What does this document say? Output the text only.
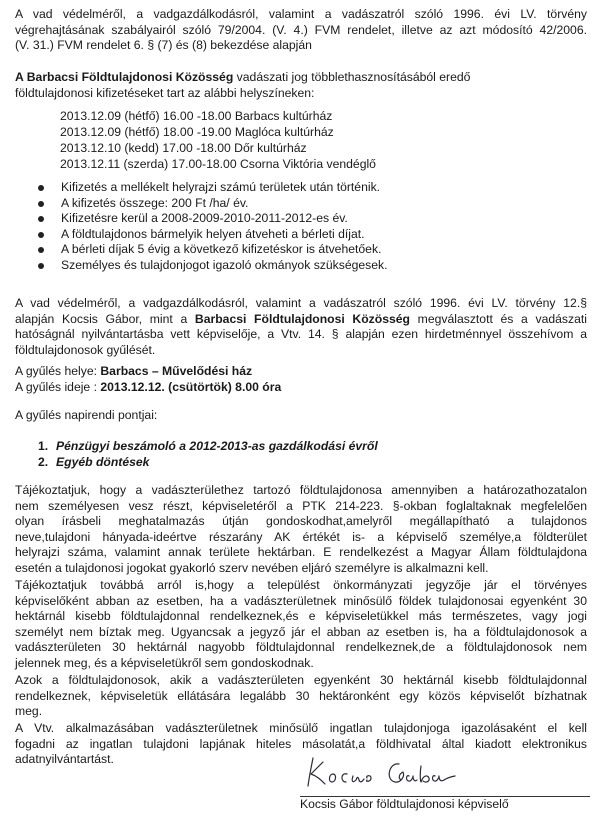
A vad védelméről, a vadgazdálkodásról, valamint a vadászatról szóló 1996. évi LV. törvény
végrehajtásának szabályairól szóló 79/2004. (V. 4.) FVM rendelet, illetve az azt módosító 42/2006.
(V. 31.) FVM rendelet 6. § (7) és (8) bekezdése alapján
A Barbacsi Földtulajdonosi Közösség vadászati jog többlethasznosításából eredő
földtulajdonosi kifizetéseket tart az alábbi helyszíneken:
2013.12.09 (hétfő) 16.00 -18.00 Barbacs kultúrház
2013.12.09 (hétfő) 18.00 -19.00 Maglóca kultúrház
2013.12.10 (kedd) 17.00 -18.00 Dőr kultúrház
2013.12.11 (szerda) 17.00-18.00 Csorna Viktória vendéglő
Kifizetés a mellékelt helyrajzi számú területek után történik.
A kifizetés összege: 200 Ft /ha/ év.
Kifizetésre kerül a 2008-2009-2010-2011-2012-es év.
A földtulajdonos bármelyik helyen átveheti a bérleti díjat.
A bérleti díjak 5 évig a következő kifizetéskor is átvehetőek.
Személyes és tulajdonjogot igazoló okmányok szükségesek.
A vad védelméről, a vadgazdálkodásról, valamint a vadászatról szóló 1996. évi LV. törvény 12.§
alapján Kocsis Gábor, mint a Barbacsi Földtulajdonosi Közösség megválasztott és a vadászati
hatóságnál nyilvántartásba vett képviselője, a Vtv. 14. § alapján ezen hirdetménnyel összehívom a
földtulajdonosok gyűlését.
A gyűlés helye: Barbacs – Művelődési ház
A gyűlés ideje : 2013.12.12. (csütörtök) 8.00 óra
A gyűlés napirendi pontjai:
1. Pénzügyi beszámoló a 2012-2013-as gazdálkodási évről
2. Egyéb döntések
Tájékoztatjuk, hogy a vadászterülethez tartozó földtulajdonosa amennyiben a határozathozatalon
nem személyesen vesz részt, képviseletéről a PTK 214-223. §-okban foglaltaknak megfelelően
olyan írásbeli meghatalmazás útján gondoskodhat,amelyről megállapítható a tulajdonos
neve,tulajdoni hányada-ideértve részarány AK értékét is- a képviselő személye,a földterület
helyrajzi száma, valamint annak területe hektárban. E rendelkezést a Magyar Állam földtulajdona
esetén a tulajdonosi jogokat gyakorló szerv nevében eljáró személyre is alkalmazni kell.
Tájékoztatjuk továbbá arról is,hogy a települést önkormányzati jegyzője jár el törvényes
képviselőként abban az esetben, ha a vadászterületnek minősülő földek tulajdonosai egyenként 30
hektárnál kisebb földtulajdonnal rendelkeznek,és e képviseletükkel más természetes, vagy jogi
személyt nem bíztak meg. Ugyancsak a jegyző jár el abban az esetben is, ha a földtulajdonosok a
vadászterületen 30 hektárnál nagyobb földtulajdonnal rendelkeznek,de a földtulajdonosok nem
jelennek meg, és a képviseletükről sem gondoskodnak.
Azok a földtulajdonosok, akik a vadászterületen egyenként 30 hektárnál kisebb földtulajdonnal
rendelkeznek, képviseletük ellátására legalább 30 hektáronként egy közös képviselőt bízhatnak
meg.
A Vtv. alkalmazásában vadászterületnek minősülő ingatlan tulajdonjoga igazolásaként el kell
fogadni az ingatlan tulajdoni lapjának hiteles másolatát,a földhivatal által kiadott elektronikus
adatnyilvántartást.
Kocsis Gábor földtulajdonosi képviselő
